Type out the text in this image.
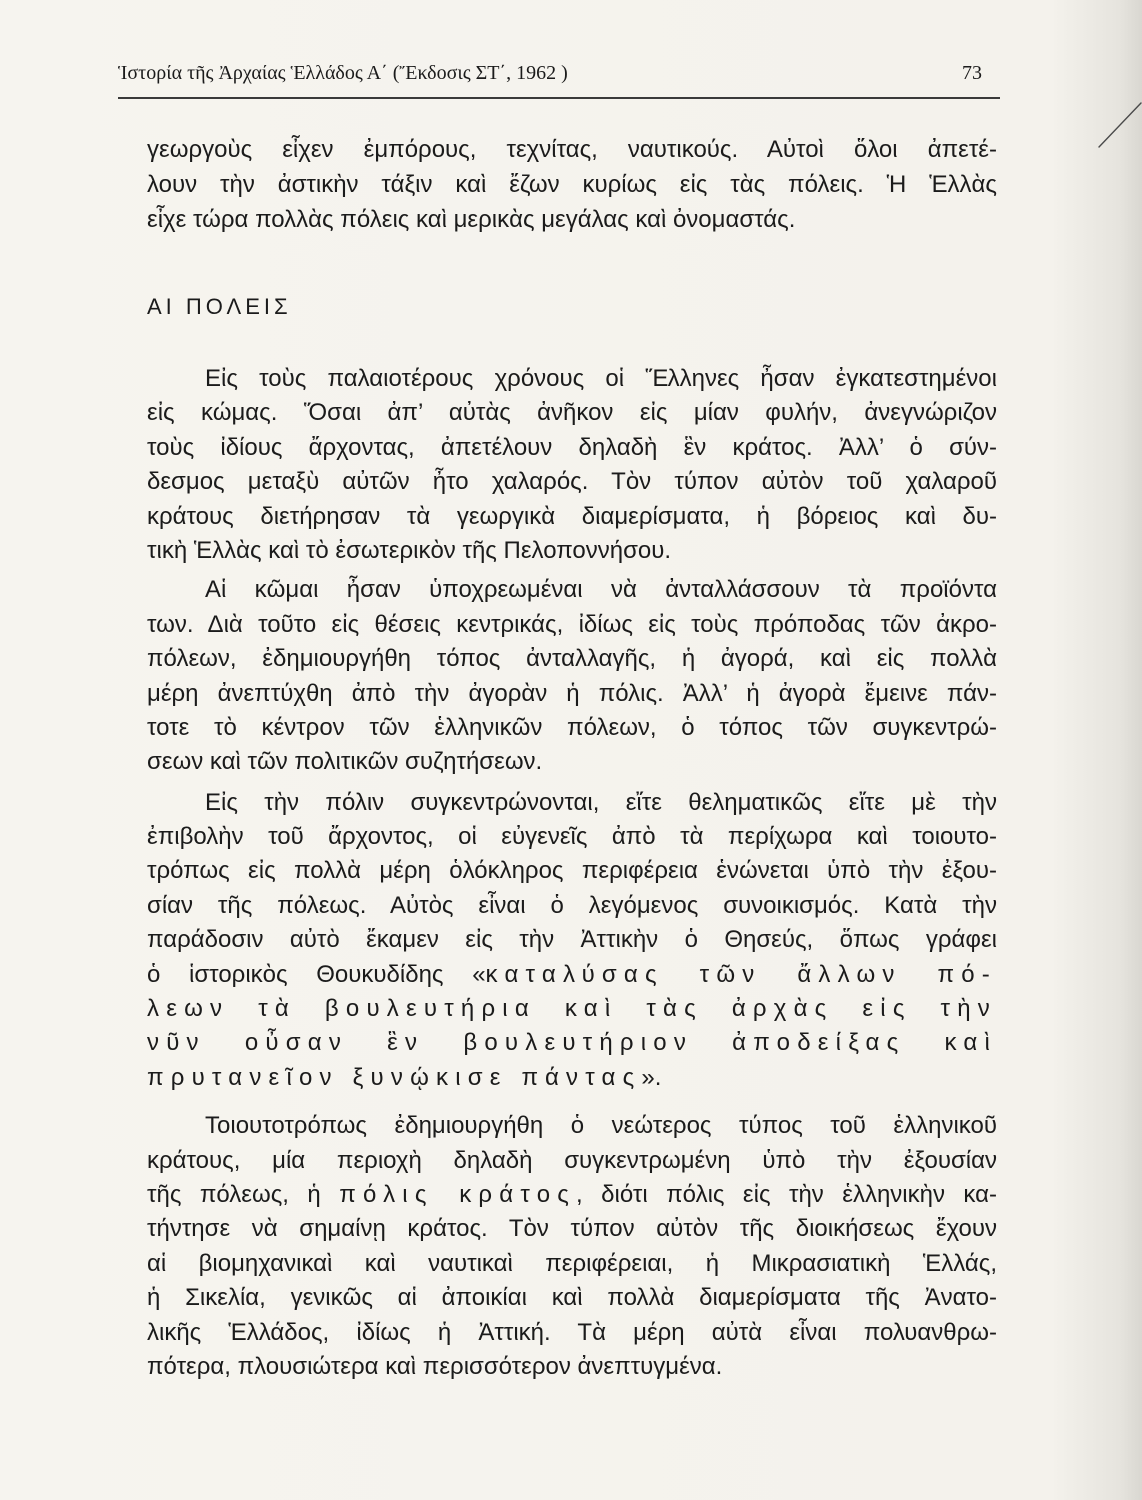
Ἱστορία τῆς Ἀρχαίας Ἑλλάδος Α΄ (Ἔκδοσις ΣΤ΄, 1962 )	73
γεωργοὺς εἶχεν ἐμπόρους, τεχνίτας, ναυτικούς. Αὐτοὶ ὅλοι ἀπετέ-
λουν τὴν ἀστικὴν τάξιν καὶ ἔζων κυρίως εἰς τὰς πόλεις. Ἡ Ἑλλὰς
εἶχε τώρα πολλὰς πόλεις καὶ μερικὰς μεγάλας καὶ ὀνομαστάς.
ΑΙ ΠΟΛΕΙΣ
Εἰς τοὺς παλαιοτέρους χρόνους οἱ Ἕλληνες ἦσαν ἐγκατεστημένοι
εἰς κώμας. Ὅσαι ἀπ’ αὐτὰς ἀνῆκον εἰς μίαν φυλήν, ἀνεγνώριζον
τοὺς ἰδίους ἄρχοντας, ἀπετέλουν δηλαδὴ ἓν κράτος. Ἀλλ’ ὁ σύν-
δεσμος μεταξὺ αὐτῶν ἦτο χαλαρός. Τὸν τύπον αὐτὸν τοῦ χαλαροῦ
κράτους διετήρησαν τὰ γεωργικὰ διαμερίσματα, ἡ βόρειος καὶ δυ-
τικὴ Ἑλλὰς καὶ τὸ ἐσωτερικὸν τῆς Πελοποννήσου.
Αἱ κῶμαι ἦσαν ὑποχρεωμέναι νὰ ἀνταλλάσσουν τὰ προϊόντα
των. Διὰ τοῦτο εἰς θέσεις κεντρικάς, ἰδίως εἰς τοὺς πρόποδας τῶν ἀκρο-
πόλεων, ἐδημιουργήθη τόπος ἀνταλλαγῆς, ἡ ἀγορά, καὶ εἰς πολλὰ
μέρη ἀνεπτύχθη ἀπὸ τὴν ἀγορὰν ἡ πόλις. Ἀλλ’ ἡ ἀγορὰ ἔμεινε πάν-
τοτε τὸ κέντρον τῶν ἑλληνικῶν πόλεων, ὁ τόπος τῶν συγκεντρώ-
σεων καὶ τῶν πολιτικῶν συζητήσεων.
Εἰς τὴν πόλιν συγκεντρώνονται, εἴτε θεληματικῶς εἴτε μὲ τὴν
ἐπιβολὴν τοῦ ἄρχοντος, οἱ εὐγενεῖς ἀπὸ τὰ περίχωρα καὶ τοιουτο-
τρόπως εἰς πολλὰ μέρη ὁλόκληρος περιφέρεια ἑνώνεται ὑπὸ τὴν ἐξου-
σίαν τῆς πόλεως. Αὐτὸς εἶναι ὁ λεγόμενος συνοικισμός. Κατὰ τὴν
παράδοσιν αὐτὸ ἔκαμεν εἰς τὴν Ἀττικὴν ὁ Θησεύς, ὅπως γράφει
ὁ ἱστορικὸς Θουκυδίδης «καταλύσας τῶν ἄλλων πό-
λεων τὰ βουλευτήρια καὶ τὰς ἀρχὰς εἰς τὴν
νῦν οὖσαν ἓν βουλευτήριον ἀποδείξας καὶ
πρυτανεῖον ξυνῴκισε πάντας».
Τοιουτοτρόπως ἐδημιουργήθη ὁ νεώτερος τύπος τοῦ ἑλληνικοῦ
κράτους, μία περιοχὴ δηλαδὴ συγκεντρωμένη ὑπὸ τὴν ἐξουσίαν
τῆς πόλεως, ἡ πόλις κράτος, διότι πόλις εἰς τὴν ἑλληνικὴν κα-
τήντησε νὰ σημαίνῃ κράτος. Τὸν τύπον αὐτὸν τῆς διοικήσεως ἔχουν
αἱ βιομηχανικαὶ καὶ ναυτικαὶ περιφέρειαι, ἡ Μικρασιατικὴ Ἑλλάς,
ἡ Σικελία, γενικῶς αἱ ἀποικίαι καὶ πολλὰ διαμερίσματα τῆς Ἀνατο-
λικῆς Ἑλλάδος, ἰδίως ἡ Ἀττική. Τὰ μέρη αὐτὰ εἶναι πολυανθρω-
πότερα, πλουσιώτερα καὶ περισσότερον ἀνεπτυγμένα.
